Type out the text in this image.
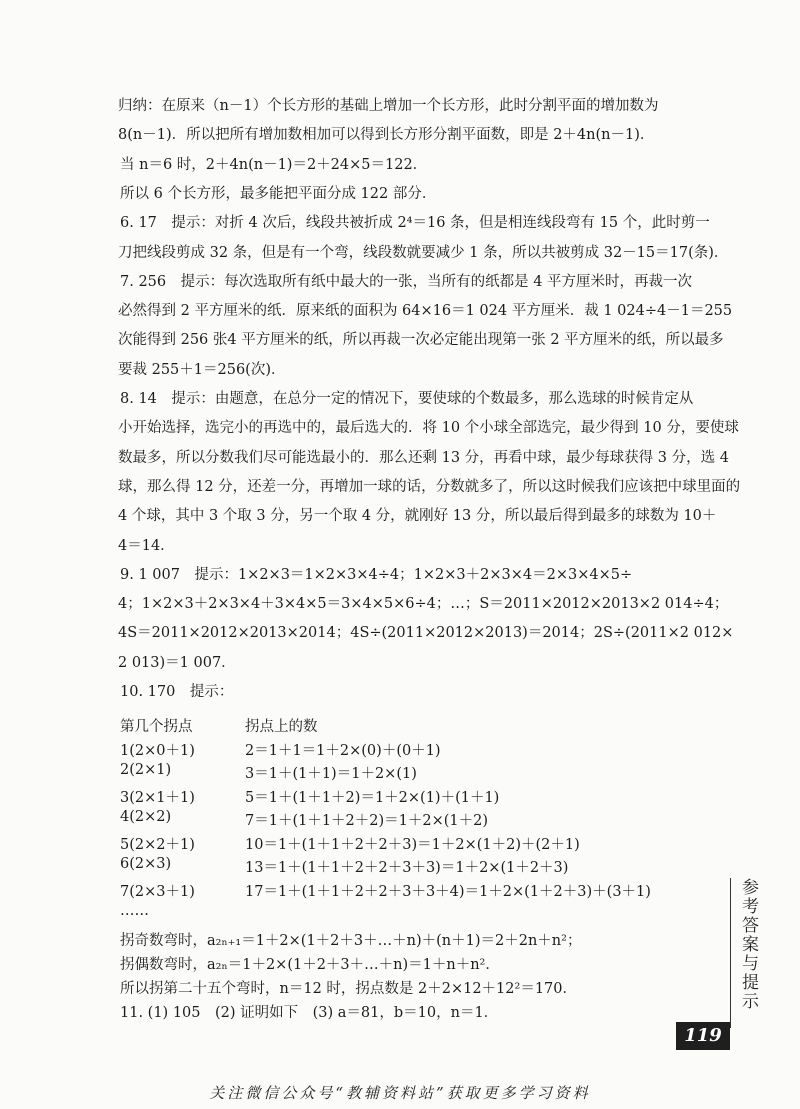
归纳：在原来（n－1）个长方形的基础上增加一个长方形，此时分割平面的增加数为
8(n－1)．所以把所有增加数相加可以得到长方形分割平面数，即是 2＋4n(n－1)．
当 n＝6 时，2＋4n(n－1)＝2＋24×5＝122．
所以 6 个长方形，最多能把平面分成 122 部分．
6. 17　提示：对折 4 次后，线段共被折成 2⁴＝16 条，但是相连线段弯有 15 个，此时剪一
刀把线段剪成 32 条，但是有一个弯，线段数就要减少 1 条，所以共被剪成 32－15＝17(条)．
7. 256　提示：每次选取所有纸中最大的一张，当所有的纸都是 4 平方厘米时，再裁一次
必然得到 2 平方厘米的纸．原来纸的面积为 64×16＝1 024 平方厘米．裁 1 024÷4－1＝255
次能得到 256 张4 平方厘米的纸，所以再裁一次必定能出现第一张 2 平方厘米的纸，所以最多
要裁 255＋1＝256(次)．
8. 14　提示：由题意，在总分一定的情况下，要使球的个数最多，那么选球的时候肯定从
小开始选择，选完小的再选中的，最后选大的．将 10 个小球全部选完，最少得到 10 分，要使球
数最多，所以分数我们尽可能选最小的．那么还剩 13 分，再看中球，最少每球获得 3 分，选 4
球，那么得 12 分，还差一分，再增加一球的话，分数就多了，所以这时候我们应该把中球里面的
4 个球，其中 3 个取 3 分，另一个取 4 分，就刚好 13 分，所以最后得到最多的球数为 10＋
4＝14．
9. 1 007　提示：1×2×3＝1×2×3×4÷4；1×2×3＋2×3×4＝2×3×4×5÷
4；1×2×3＋2×3×4＋3×4×5＝3×4×5×6÷4；…；S＝2011×2012×2013×2 014÷4；
4S＝2011×2012×2013×2014；4S÷(2011×2012×2013)＝2014；2S÷(2011×2 012×
2 013)＝1 007．
10. 170　提示：
第几个拐点	拐点上的数
1(2×0＋1)	2＝1＋1＝1＋2×(0)＋(0＋1)
2(2×1)	3＝1＋(1＋1)＝1＋2×(1)
3(2×1＋1)	5＝1＋(1＋1＋2)＝1＋2×(1)＋(1＋1)
4(2×2)	7＝1＋(1＋1＋2＋2)＝1＋2×(1＋2)
5(2×2＋1)	10＝1＋(1＋1＋2＋2＋3)＝1＋2×(1＋2)＋(2＋1)
6(2×3)	13＝1＋(1＋1＋2＋2＋3＋3)＝1＋2×(1＋2＋3)
7(2×3＋1)	17＝1＋(1＋1＋2＋2＋3＋3＋4)＝1＋2×(1＋2＋3)＋(3＋1)
……
拐奇数弯时，a₂ₙ₊₁＝1＋2×(1＋2＋3＋…＋n)＋(n＋1)＝2＋2n＋n²；
拐偶数弯时，a₂ₙ＝1＋2×(1＋2＋3＋…＋n)＝1＋n＋n²．
所以拐第二十五个弯时，n＝12 时，拐点数是 2＋2×12＋12²＝170．
11. (1) 105　(2) 证明如下　(3) a＝81，b＝10，n＝1．
参考答案与提示
119
关注微信公众号“教辅资料站”获取更多学习资料
